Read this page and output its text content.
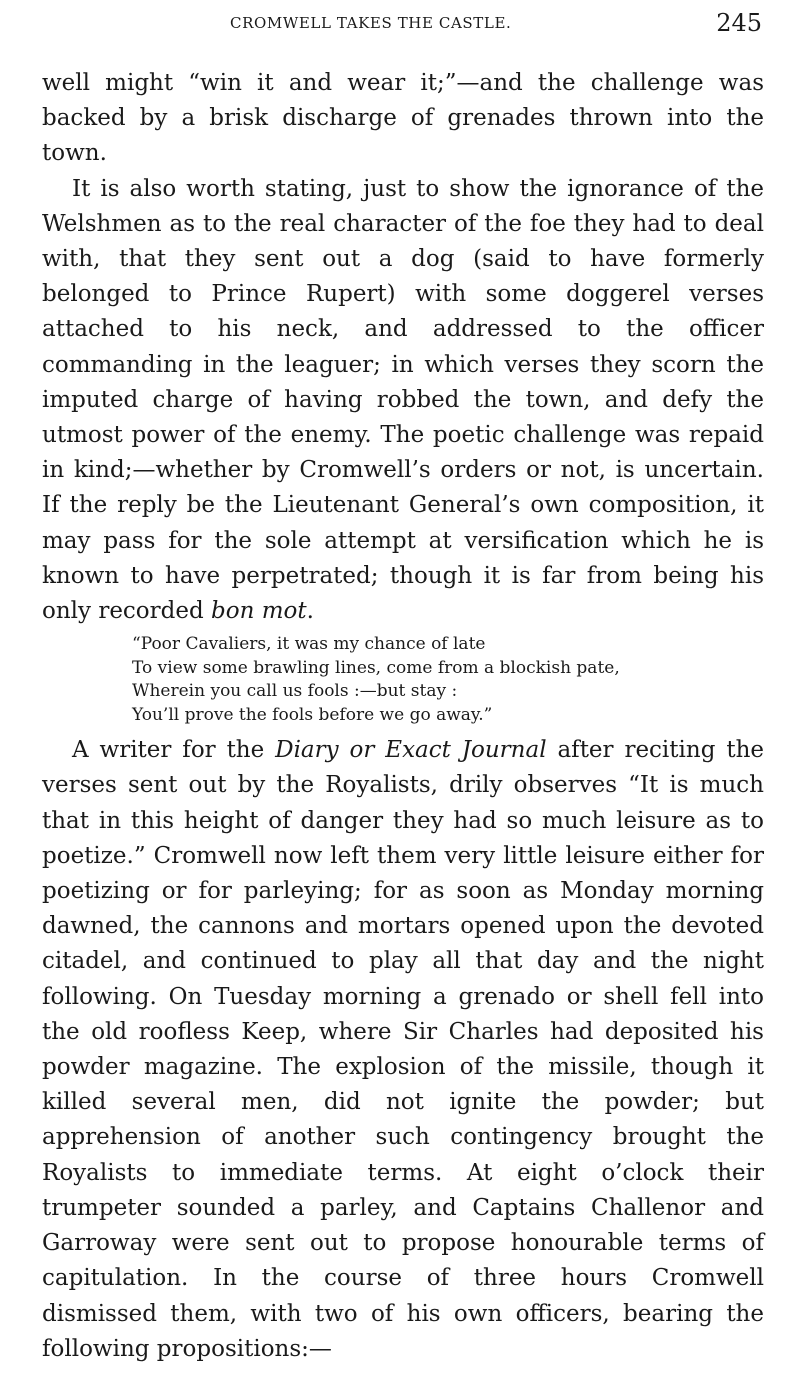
CROMWELL TAKES THE CASTLE.	245

well might “win it and wear it;”—and the challenge was backed by a brisk discharge of grenades thrown into the town.

It is also worth stating, just to show the ignorance of the Welshmen as to the real character of the foe they had to deal with, that they sent out a dog (said to have formerly belonged to Prince Rupert) with some doggerel verses attached to his neck, and addressed to the officer commanding in the leaguer; in which verses they scorn the imputed charge of having robbed the town, and defy the utmost power of the enemy. The poetic challenge was repaid in kind;—whether by Cromwell’s orders or not, is uncertain. If the reply be the Lieutenant General’s own composition, it may pass for the sole attempt at versification which he is known to have perpetrated; though it is far from being his only recorded bon mot.

“Poor Cavaliers, it was my chance of late
To view some brawling lines, come from a blockish pate,
Wherein you call us fools :—but stay :
You’ll prove the fools before we go away.”

A writer for the Diary or Exact Journal after reciting the verses sent out by the Royalists, drily observes “It is much that in this height of danger they had so much leisure as to poetize.” Cromwell now left them very little leisure either for poetizing or for parleying; for as soon as Monday morning dawned, the cannons and mortars opened upon the devoted citadel, and continued to play all that day and the night following. On Tuesday morning a grenado or shell fell into the old roofless Keep, where Sir Charles had deposited his powder magazine. The explosion of the missile, though it killed several men, did not ignite the powder; but apprehension of another such contingency brought the Royalists to immediate terms. At eight o’clock their trumpeter sounded a parley, and Captains Challenor and Garroway were sent out to propose honourable terms of capitulation. In the course of three hours Cromwell dismissed them, with two of his own officers, bearing the following propositions:—
